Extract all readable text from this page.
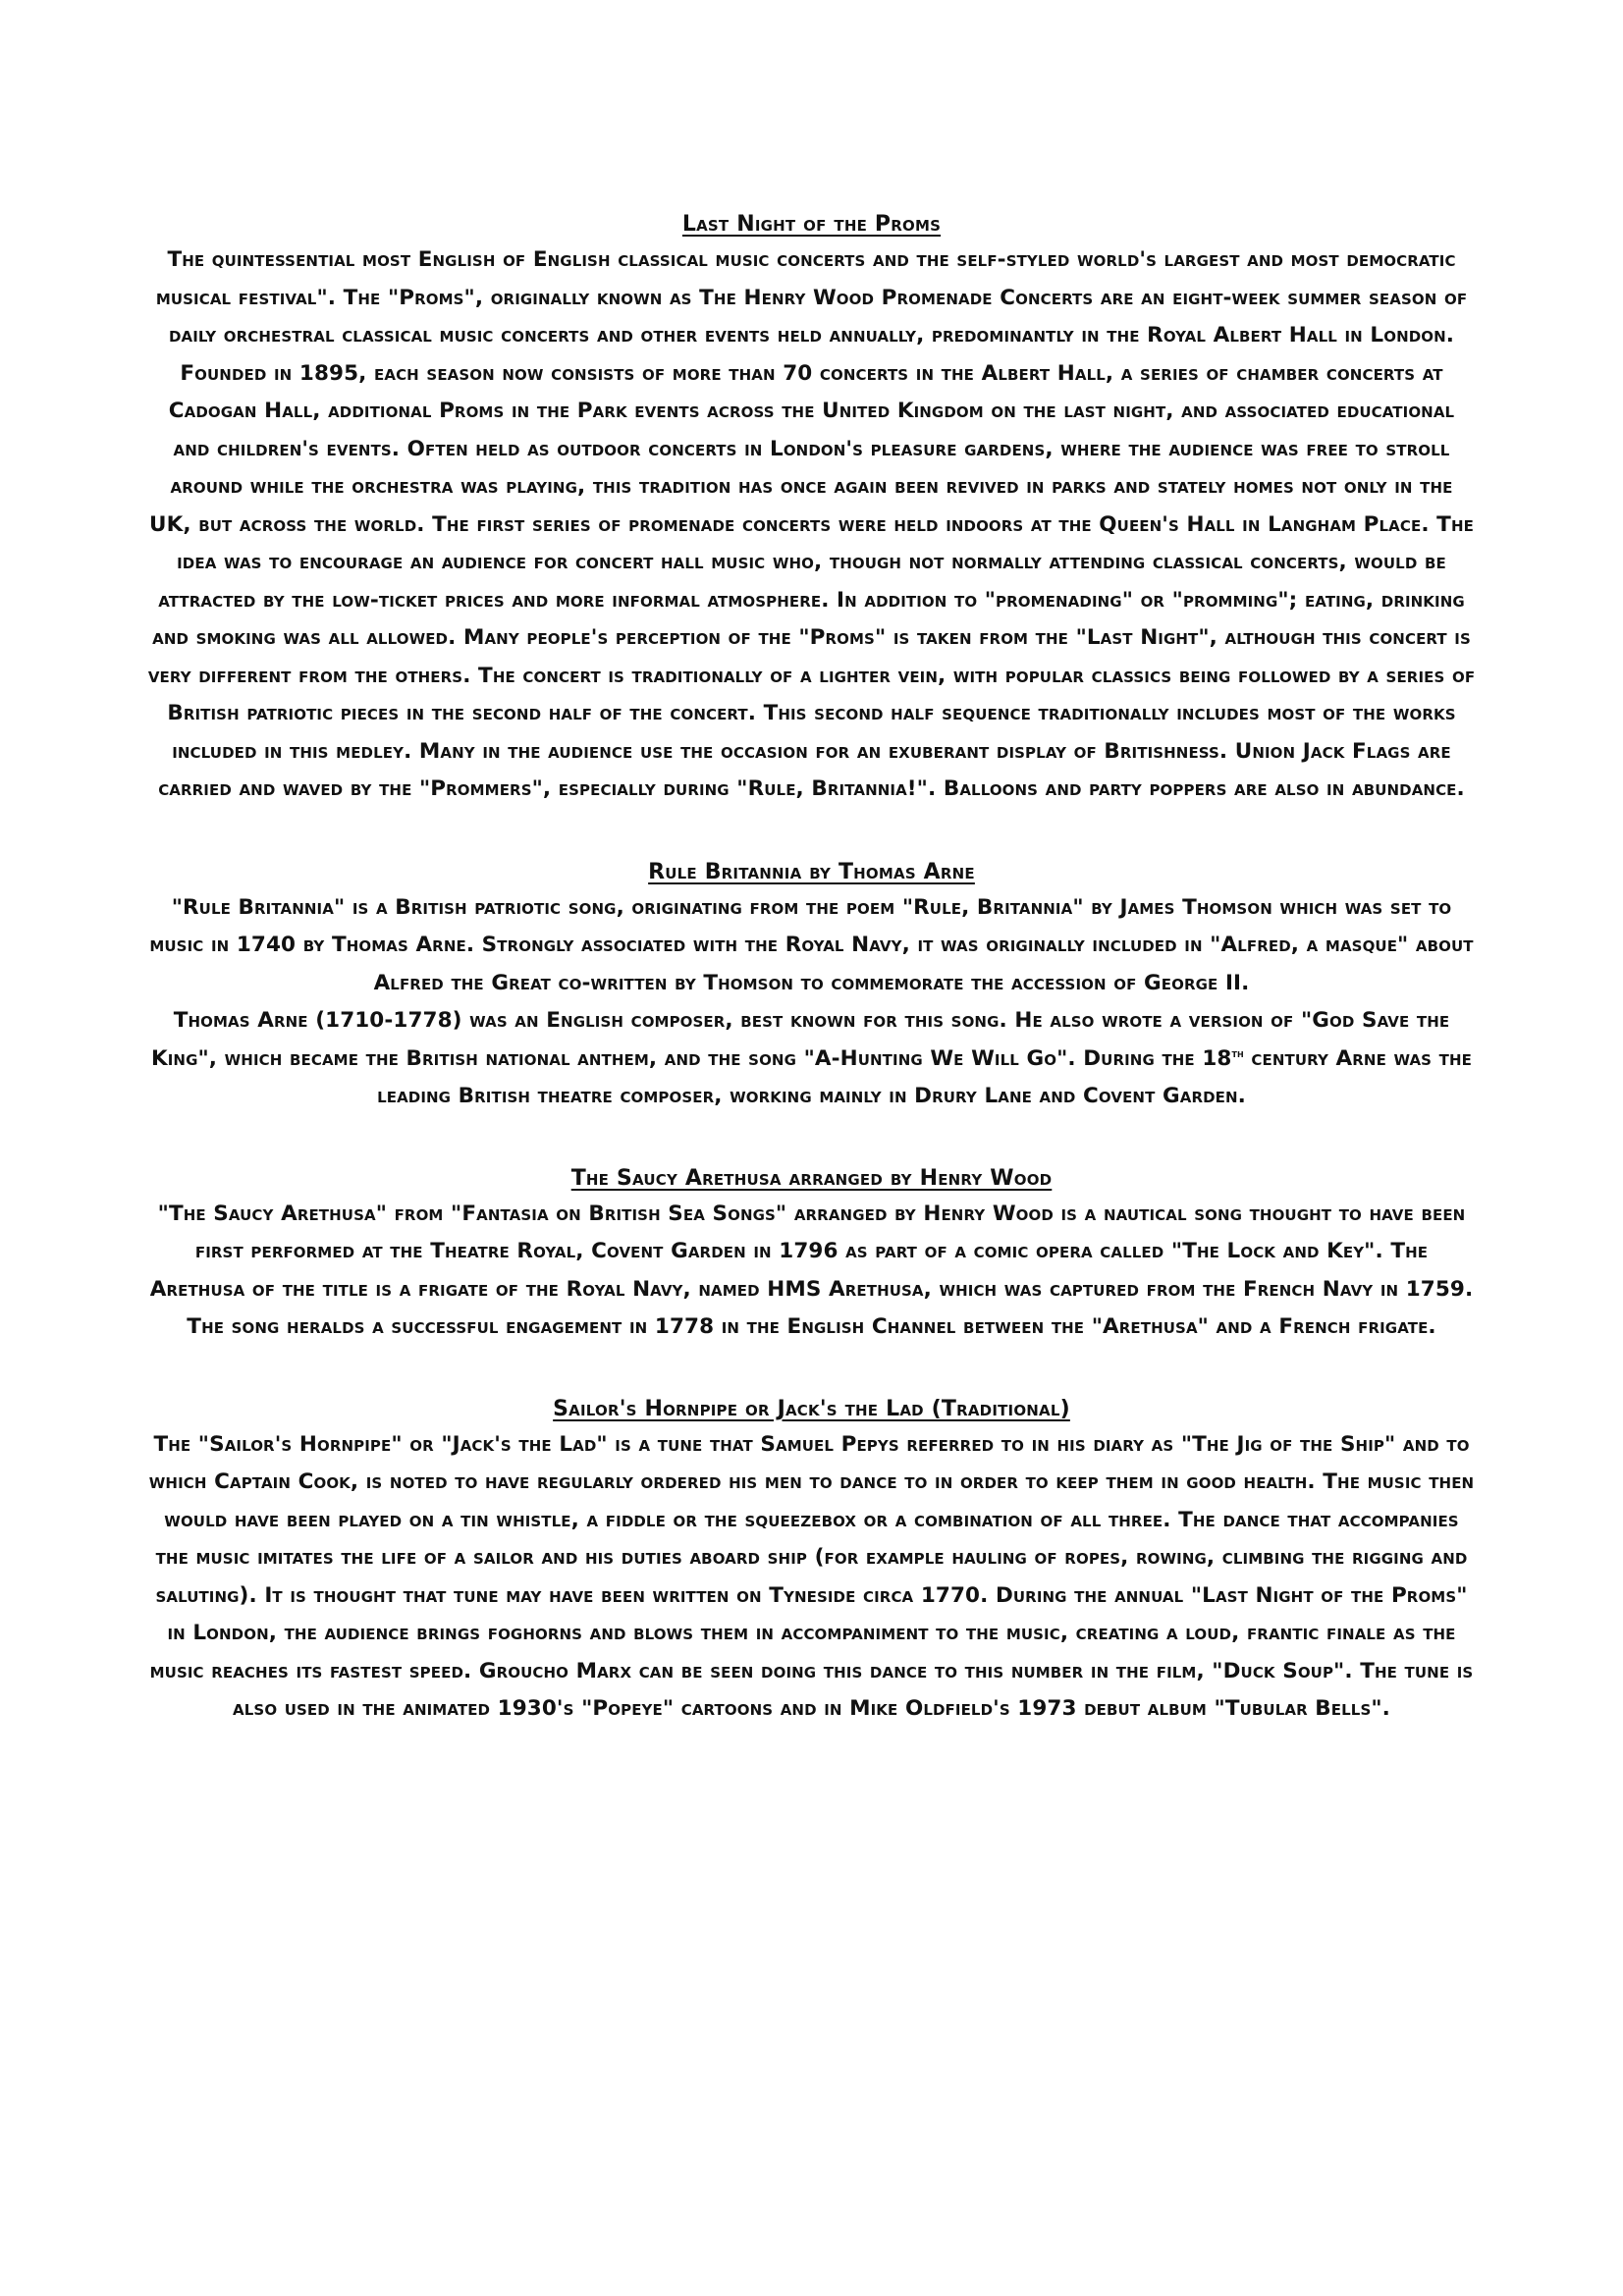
Last Night of the Proms

The quintessential most English of English classical music concerts and the self-styled world's largest and most democratic musical festival". The "Proms", originally known as The Henry Wood Promenade Concerts are an eight-week summer season of daily orchestral classical music concerts and other events held annually, predominantly in the Royal Albert Hall in London. Founded in 1895, each season now consists of more than 70 concerts in the Albert Hall, a series of chamber concerts at Cadogan Hall, additional Proms in the Park events across the United Kingdom on the last night, and associated educational and children's events. Often held as outdoor concerts in London's pleasure gardens, where the audience was free to stroll around while the orchestra was playing, this tradition has once again been revived in parks and stately homes not only in the UK, but across the world. The first series of promenade concerts were held indoors at the Queen's Hall in Langham Place. The idea was to encourage an audience for concert hall music who, though not normally attending classical concerts, would be attracted by the low-ticket prices and more informal atmosphere. In addition to "promenading" or "promming"; eating, drinking and smoking was all allowed. Many people's perception of the "Proms" is taken from the "Last Night", although this concert is very different from the others. The concert is traditionally of a lighter vein, with popular classics being followed by a series of British patriotic pieces in the second half of the concert. This second half sequence traditionally includes most of the works included in this medley. Many in the audience use the occasion for an exuberant display of Britishness. Union Jack Flags are carried and waved by the "Prommers", especially during "Rule, Britannia!". Balloons and party poppers are also in abundance.

Rule Britannia by Thomas Arne

"Rule Britannia" is a British patriotic song, originating from the poem "Rule, Britannia" by James Thomson which was set to music in 1740 by Thomas Arne. Strongly associated with the Royal Navy, it was originally included in "Alfred, a masque" about Alfred the Great co-written by Thomson to commemorate the accession of George II.

Thomas Arne (1710-1778) was an English composer, best known for this song. He also wrote a version of "God Save the King", which became the British national anthem, and the song "A-Hunting We Will Go". During the 18th century Arne was the leading British theatre composer, working mainly in Drury Lane and Covent Garden.

The Saucy Arethusa arranged by Henry Wood

"The Saucy Arethusa" from "Fantasia on British Sea Songs" arranged by Henry Wood is a nautical song thought to have been first performed at the Theatre Royal, Covent Garden in 1796 as part of a comic opera called "The Lock and Key". The Arethusa of the title is a frigate of the Royal Navy, named HMS Arethusa, which was captured from the French Navy in 1759. The song heralds a successful engagement in 1778 in the English Channel between the "Arethusa" and a French frigate.

Sailor's Hornpipe or Jack's the Lad (Traditional)

The "Sailor's Hornpipe" or "Jack's the Lad" is a tune that Samuel Pepys referred to in his diary as "The Jig of the Ship" and to which Captain Cook, is noted to have regularly ordered his men to dance to in order to keep them in good health. The music then would have been played on a tin whistle, a fiddle or the squeezebox or a combination of all three. The dance that accompanies the music imitates the life of a sailor and his duties aboard ship (for example hauling of ropes, rowing, climbing the rigging and saluting). It is thought that tune may have been written on Tyneside circa 1770. During the annual "Last Night of the Proms" in London, the audience brings foghorns and blows them in accompaniment to the music, creating a loud, frantic finale as the music reaches its fastest speed. Groucho Marx can be seen doing this dance to this number in the film, "Duck Soup". The tune is also used in the animated 1930's "Popeye" cartoons and in Mike Oldfield's 1973 debut album "Tubular Bells".
